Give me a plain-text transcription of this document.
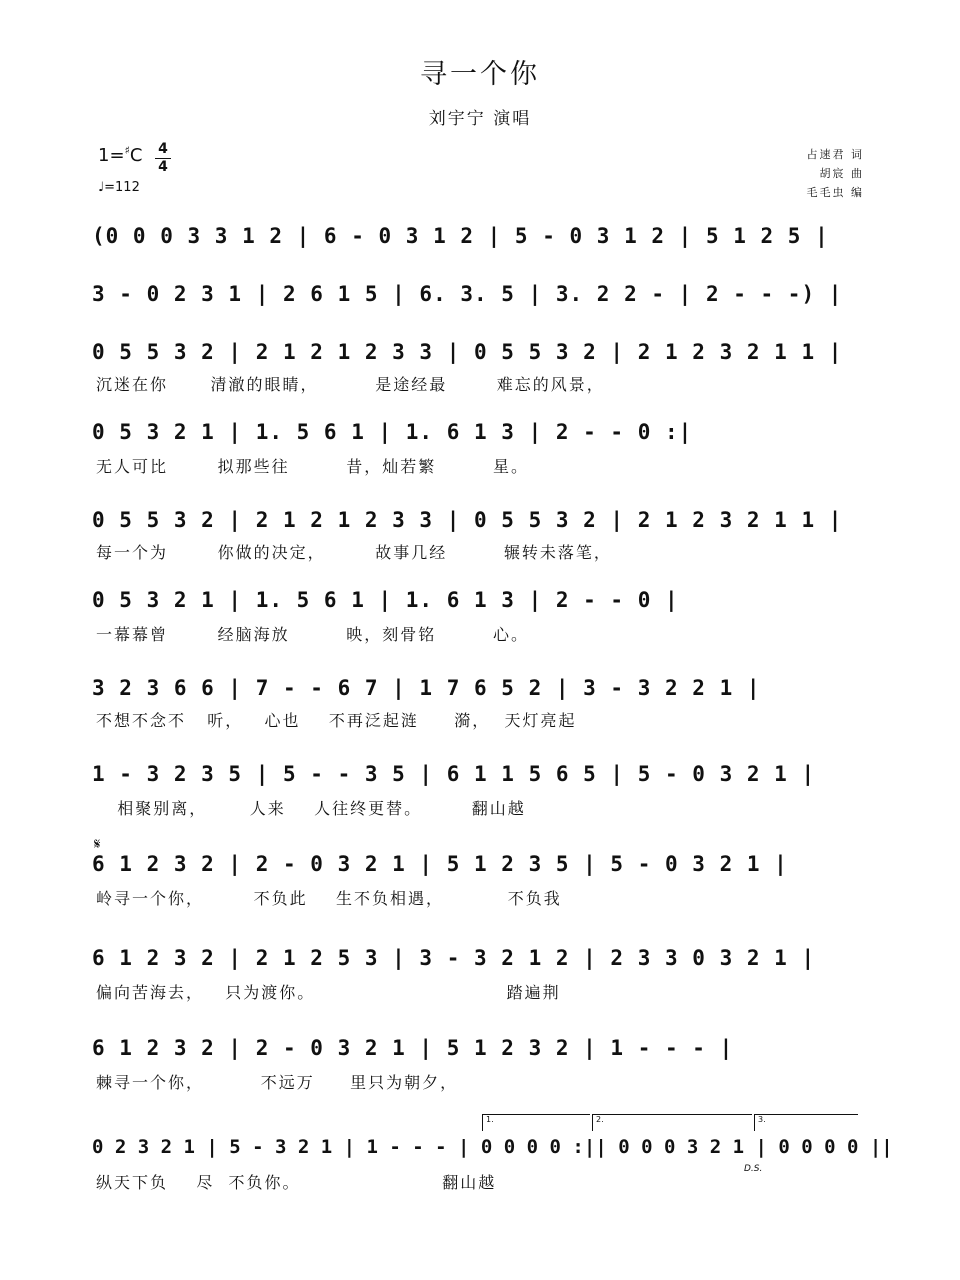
寻一个你
刘宇宁 演唱
1=♯C 4
4
♩=112
占速君 词
胡宸 曲
毛毛虫 编
(0 0 0 3 3 1 2 | 6 - 0 3 1 2 | 5 - 0 3 1 2 | 5 1 2 5 |
3 - 0 2 3 1 | 2 6 1 5 | 6. 3. 5 | 3. 2 2 - | 2 - - -) |
0 5 5 3 2 | 2 1 2 1 2 3 3 | 0 5 5 3 2 | 2 1 2 3 2 1 1 |
沉迷在你      清澈的眼睛，        是途经最       难忘的风景，
0 5 3 2 1 | 1. 5 6 1 | 1. 6 1 3 | 2 - - 0 :|
无人可比       拟那些往        昔，灿若繁        星。
0 5 5 3 2 | 2 1 2 1 2 3 3 | 0 5 5 3 2 | 2 1 2 3 2 1 1 |
每一个为       你做的决定，       故事几经        辗转未落笔，
0 5 3 2 1 | 1. 5 6 1 | 1. 6 1 3 | 2 - - 0 |
一幕幕曾       经脑海放        映，刻骨铭        心。
3 2 3 6 6 | 7 - - 6 7 | 1 7 6 5 2 | 3 - 3 2 2 1 |
不想不念不   听，   心也    不再泛起涟     漪，  天灯亮起
1 - 3 2 3 5 | 5 - - 3 5 | 6 1 1 5 6 5 | 5 - 0 3 2 1 |
相聚别离，      人来    人往终更替。       翻山越
𝄋
6 1 2 3 2 | 2 - 0 3 2 1 | 5 1 2 3 5 | 5 - 0 3 2 1 |
岭寻一个你，       不负此    生不负相遇，         不负我
6 1 2 3 2 | 2 1 2 5 3 | 3 - 3 2 1 2 | 2 3 3 0 3 2 1 |
偏向苦海去，   只为渡你。                           踏遍荆
6 1 2 3 2 | 2 - 0 3 2 1 | 5 1 2 3 2 | 1 - - - |
棘寻一个你，        不远万     里只为朝夕，
1.	2.	3.
0 2 3 2 1 | 5 - 3 2 1 | 1 - - - | 0 0 0 0 :|| 0 0 0 3 2 1 | 0 0 0 0 ||
D.S.
纵天下负    尽  不负你。                    翻山越
